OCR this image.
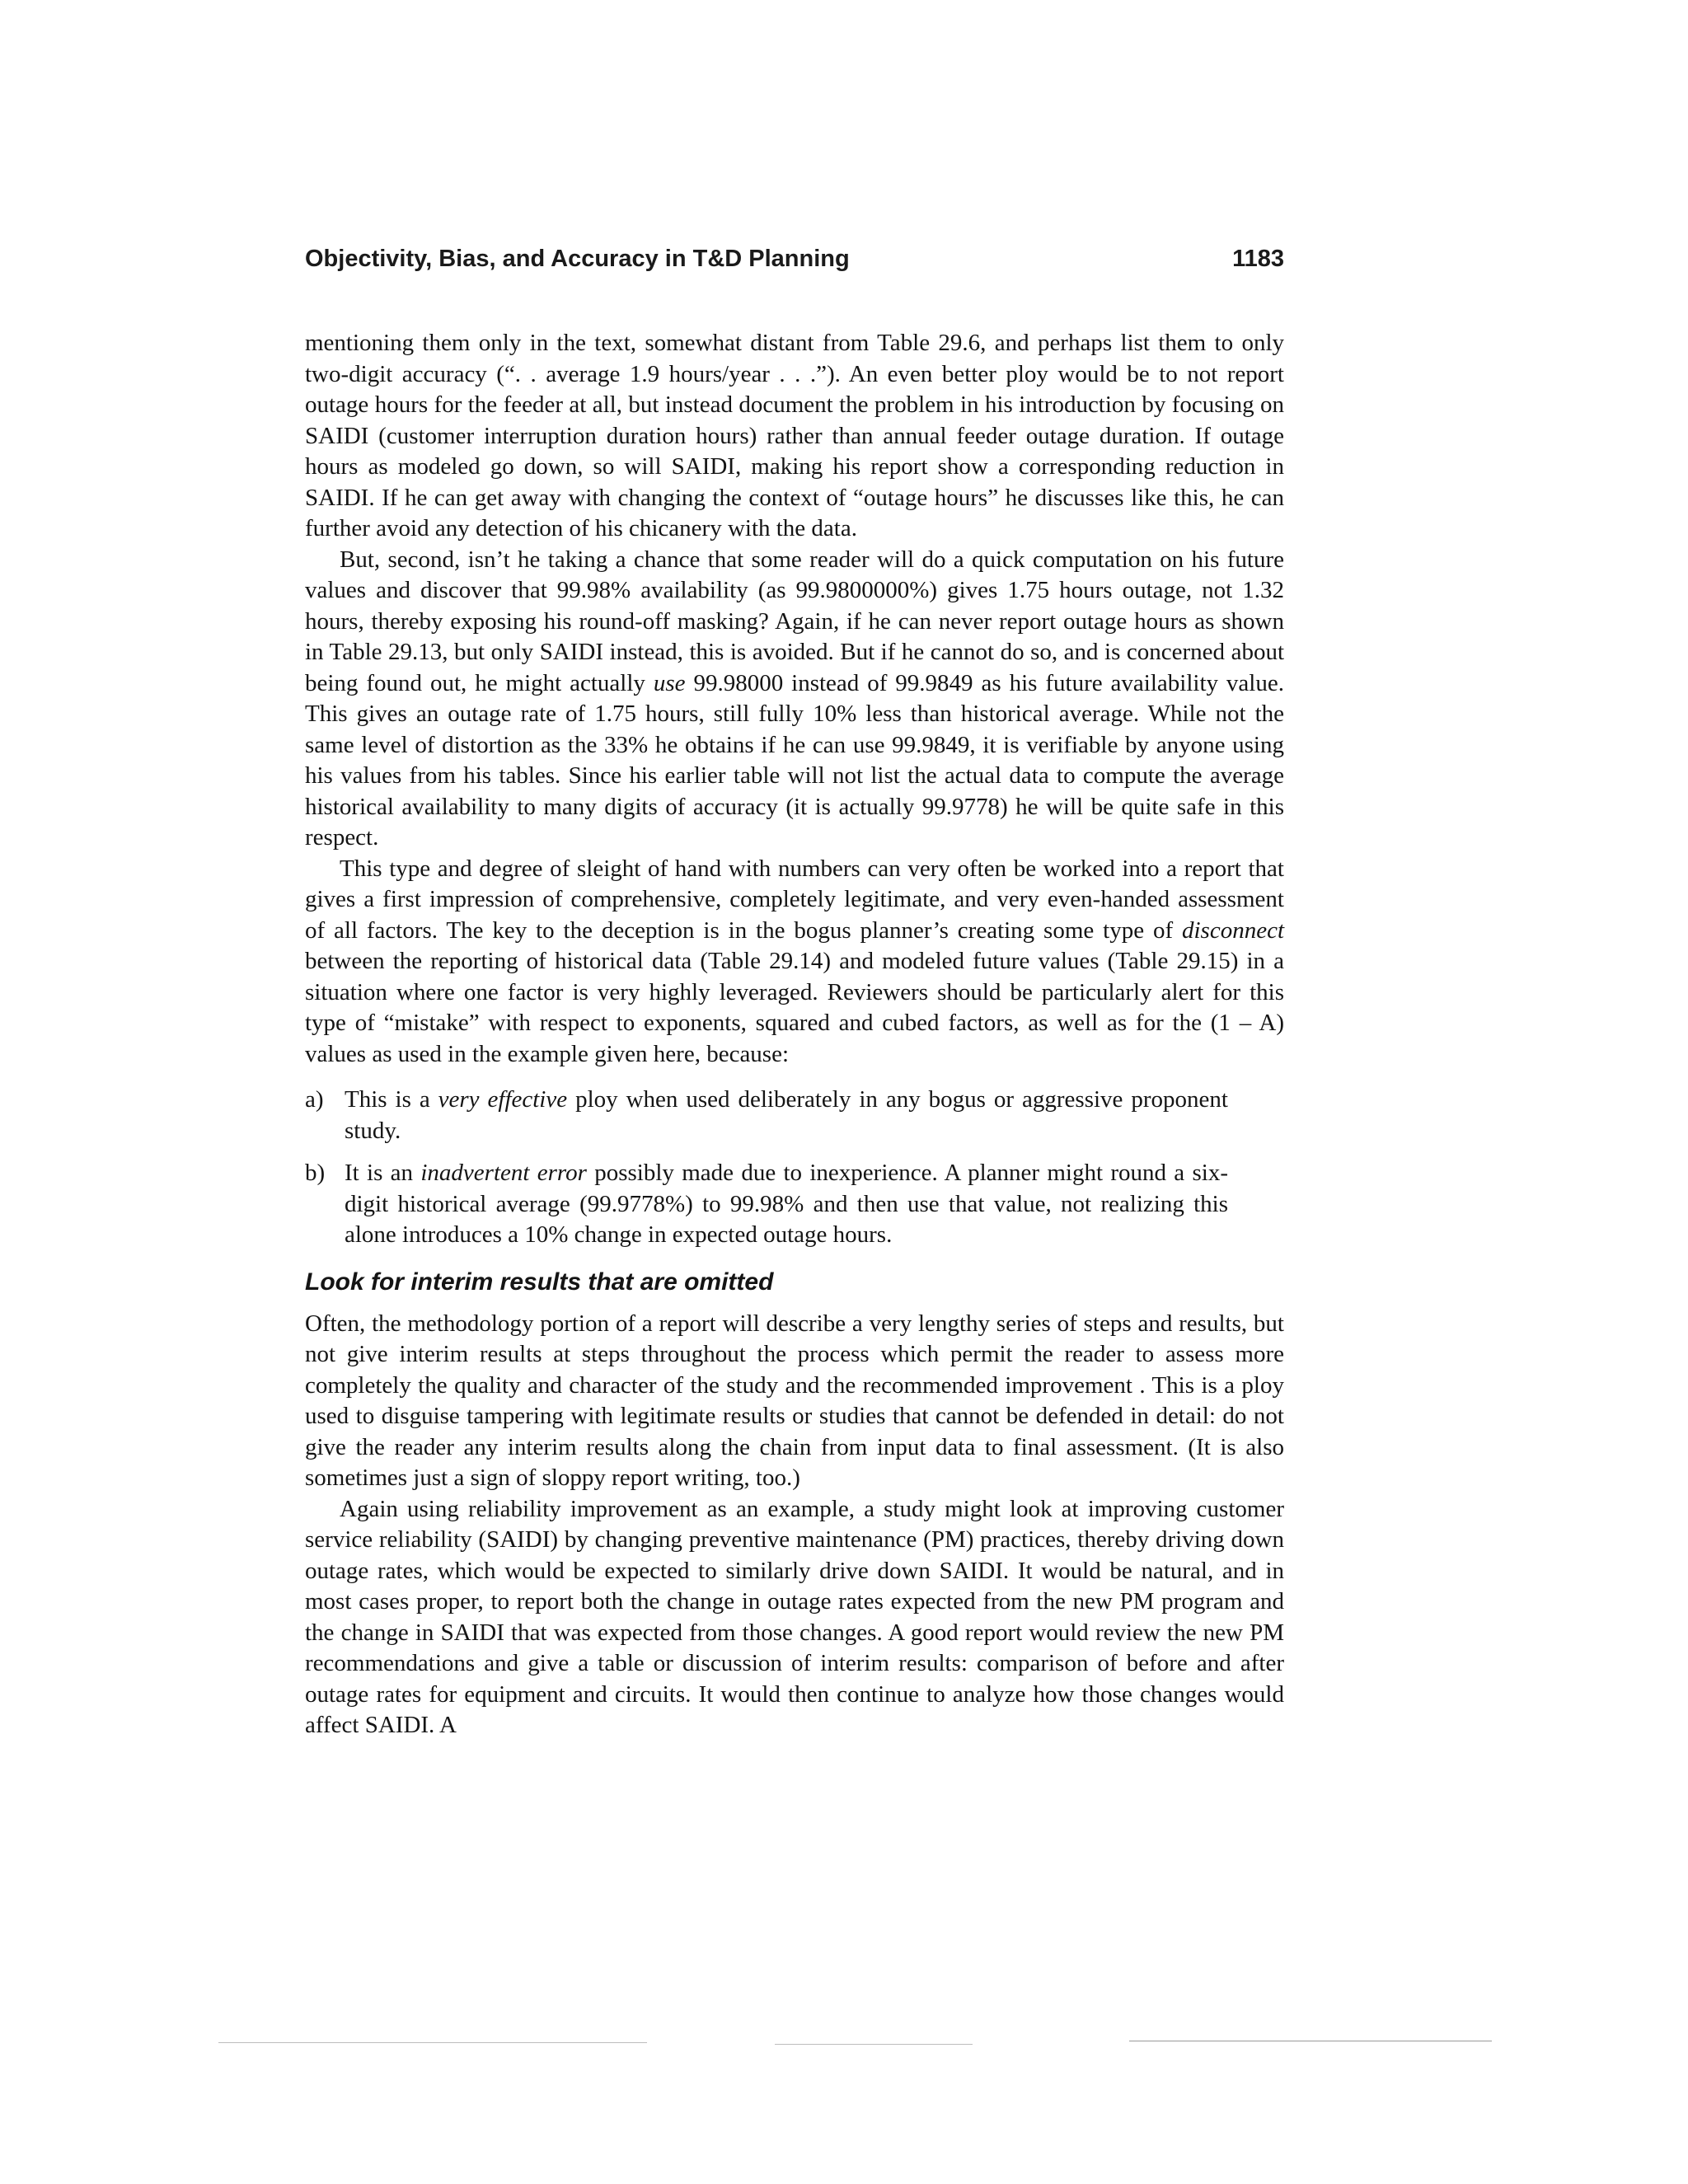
Objectivity, Bias, and Accuracy in T&D Planning	1183

mentioning them only in the text, somewhat distant from Table 29.6, and perhaps list them to only two-digit accuracy (“. . average 1.9 hours/year . . .”). An even better ploy would be to not report outage hours for the feeder at all, but instead document the problem in his introduction by focusing on SAIDI (customer interruption duration hours) rather than annual feeder outage duration. If outage hours as modeled go down, so will SAIDI, making his report show a corresponding reduction in SAIDI. If he can get away with changing the context of “outage hours” he discusses like this, he can further avoid any detection of his chicanery with the data.

But, second, isn’t he taking a chance that some reader will do a quick computation on his future values and discover that 99.98% availability (as 99.9800000%) gives 1.75 hours outage, not 1.32 hours, thereby exposing his round-off masking? Again, if he can never report outage hours as shown in Table 29.13, but only SAIDI instead, this is avoided. But if he cannot do so, and is concerned about being found out, he might actually use 99.98000 instead of 99.9849 as his future availability value. This gives an outage rate of 1.75 hours, still fully 10% less than historical average. While not the same level of distortion as the 33% he obtains if he can use 99.9849, it is verifiable by anyone using his values from his tables. Since his earlier table will not list the actual data to compute the average historical availability to many digits of accuracy (it is actually 99.9778) he will be quite safe in this respect.

This type and degree of sleight of hand with numbers can very often be worked into a report that gives a first impression of comprehensive, completely legitimate, and very even-handed assessment of all factors. The key to the deception is in the bogus planner’s creating some type of disconnect between the reporting of historical data (Table 29.14) and modeled future values (Table 29.15) in a situation where one factor is very highly leveraged. Reviewers should be particularly alert for this type of “mistake” with respect to exponents, squared and cubed factors, as well as for the (1 – A) values as used in the example given here, because:

a) This is a very effective ploy when used deliberately in any bogus or aggressive proponent study.
b) It is an inadvertent error possibly made due to inexperience. A planner might round a six-digit historical average (99.9778%) to 99.98% and then use that value, not realizing this alone introduces a 10% change in expected outage hours.
Look for interim results that are omitted

Often, the methodology portion of a report will describe a very lengthy series of steps and results, but not give interim results at steps throughout the process which permit the reader to assess more completely the quality and character of the study and the recommended improvement . This is a ploy used to disguise tampering with legitimate results or studies that cannot be defended in detail: do not give the reader any interim results along the chain from input data to final assessment. (It is also sometimes just a sign of sloppy report writing, too.)

Again using reliability improvement as an example, a study might look at improving customer service reliability (SAIDI) by changing preventive maintenance (PM) practices, thereby driving down outage rates, which would be expected to similarly drive down SAIDI. It would be natural, and in most cases proper, to report both the change in outage rates expected from the new PM program and the change in SAIDI that was expected from those changes. A good report would review the new PM recommendations and give a table or discussion of interim results: comparison of before and after outage rates for equipment and circuits. It would then continue to analyze how those changes would affect SAIDI. A
